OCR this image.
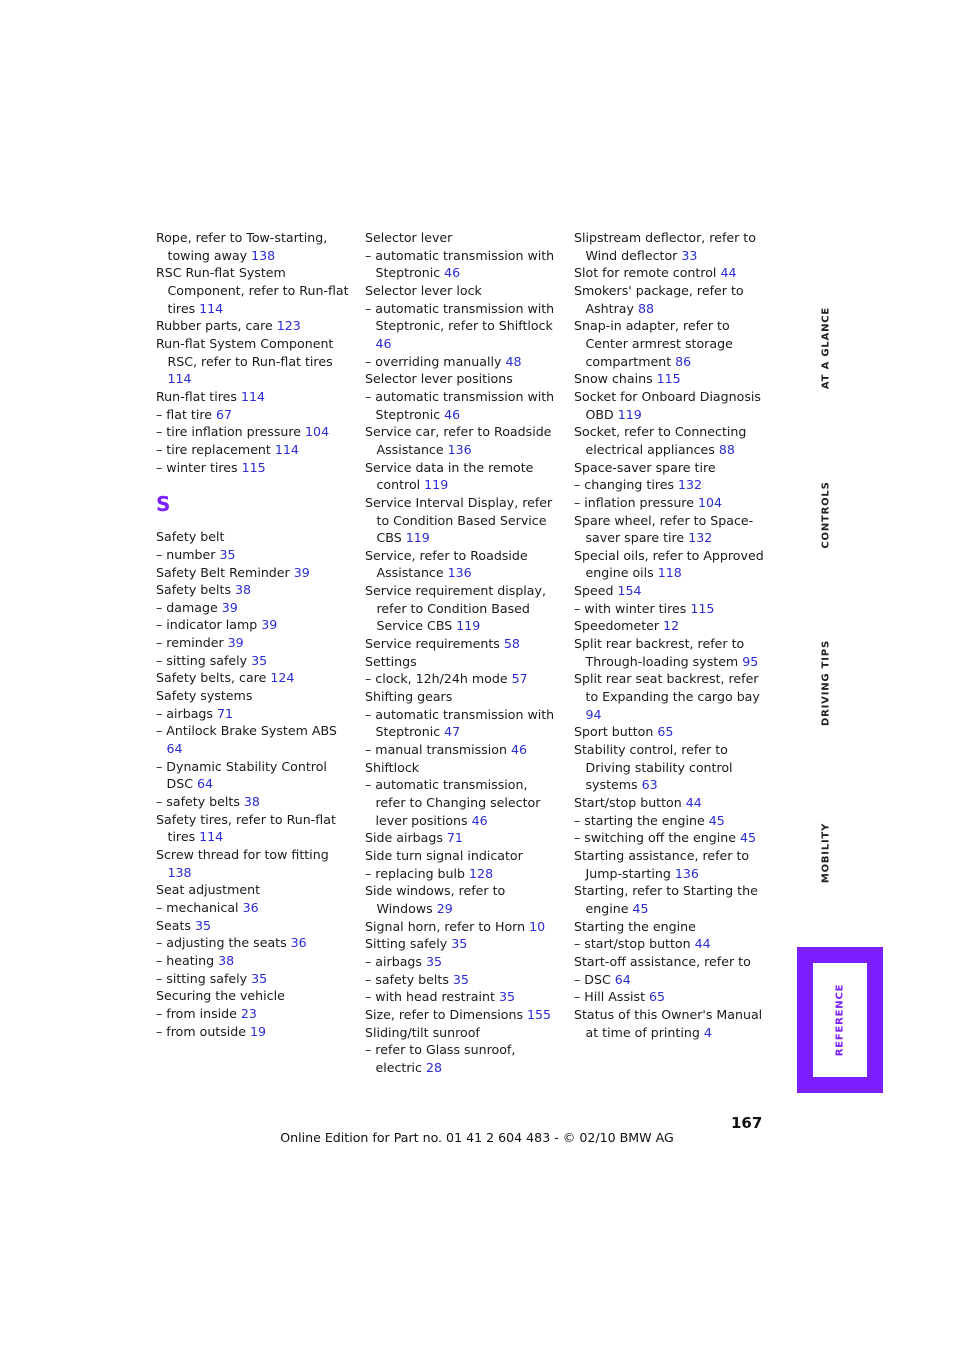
Rope, refer to Tow-starting, towing away 138
RSC Run-flat System Component, refer to Run-flat tires 114
Rubber parts, care 123
Run-flat System Component RSC, refer to Run-flat tires 114
Run-flat tires 114
– flat tire 67
– tire inflation pressure 104
– tire replacement 114
– winter tires 115
S
Safety belt
– number 35
Safety Belt Reminder 39
Safety belts 38
– damage 39
– indicator lamp 39
– reminder 39
– sitting safely 35
Safety belts, care 124
Safety systems
– airbags 71
– Antilock Brake System ABS 64
– Dynamic Stability Control DSC 64
– safety belts 38
Safety tires, refer to Run-flat tires 114
Screw thread for tow fitting 138
Seat adjustment
– mechanical 36
Seats 35
– adjusting the seats 36
– heating 38
– sitting safely 35
Securing the vehicle
– from inside 23
– from outside 19
Selector lever
– automatic transmission with Steptronic 46
Selector lever lock
– automatic transmission with Steptronic, refer to Shiftlock 46
– overriding manually 48
Selector lever positions
– automatic transmission with Steptronic 46
Service car, refer to Roadside Assistance 136
Service data in the remote control 119
Service Interval Display, refer to Condition Based Service CBS 119
Service, refer to Roadside Assistance 136
Service requirement display, refer to Condition Based Service CBS 119
Service requirements 58
Settings
– clock, 12h/24h mode 57
Shifting gears
– automatic transmission with Steptronic 47
– manual transmission 46
Shiftlock
– automatic transmission, refer to Changing selector lever positions 46
Side airbags 71
Side turn signal indicator
– replacing bulb 128
Side windows, refer to Windows 29
Signal horn, refer to Horn 10
Sitting safely 35
– airbags 35
– safety belts 35
– with head restraint 35
Size, refer to Dimensions 155
Sliding/tilt sunroof
– refer to Glass sunroof, electric 28
Slipstream deflector, refer to Wind deflector 33
Slot for remote control 44
Smokers' package, refer to Ashtray 88
Snap-in adapter, refer to Center armrest storage compartment 86
Snow chains 115
Socket for Onboard Diagnosis OBD 119
Socket, refer to Connecting electrical appliances 88
Space-saver spare tire
– changing tires 132
– inflation pressure 104
Spare wheel, refer to Space-saver spare tire 132
Special oils, refer to Approved engine oils 118
Speed 154
– with winter tires 115
Speedometer 12
Split rear backrest, refer to Through-loading system 95
Split rear seat backrest, refer to Expanding the cargo bay 94
Sport button 65
Stability control, refer to Driving stability control systems 63
Start/stop button 44
– starting the engine 45
– switching off the engine 45
Starting assistance, refer to Jump-starting 136
Starting, refer to Starting the engine 45
Starting the engine
– start/stop button 44
Start-off assistance, refer to
– DSC 64
– Hill Assist 65
Status of this Owner's Manual at time of printing 4
AT A GLANCE
CONTROLS
DRIVING TIPS
MOBILITY
REFERENCE
167
Online Edition for Part no. 01 41 2 604 483 - © 02/10 BMW AG
